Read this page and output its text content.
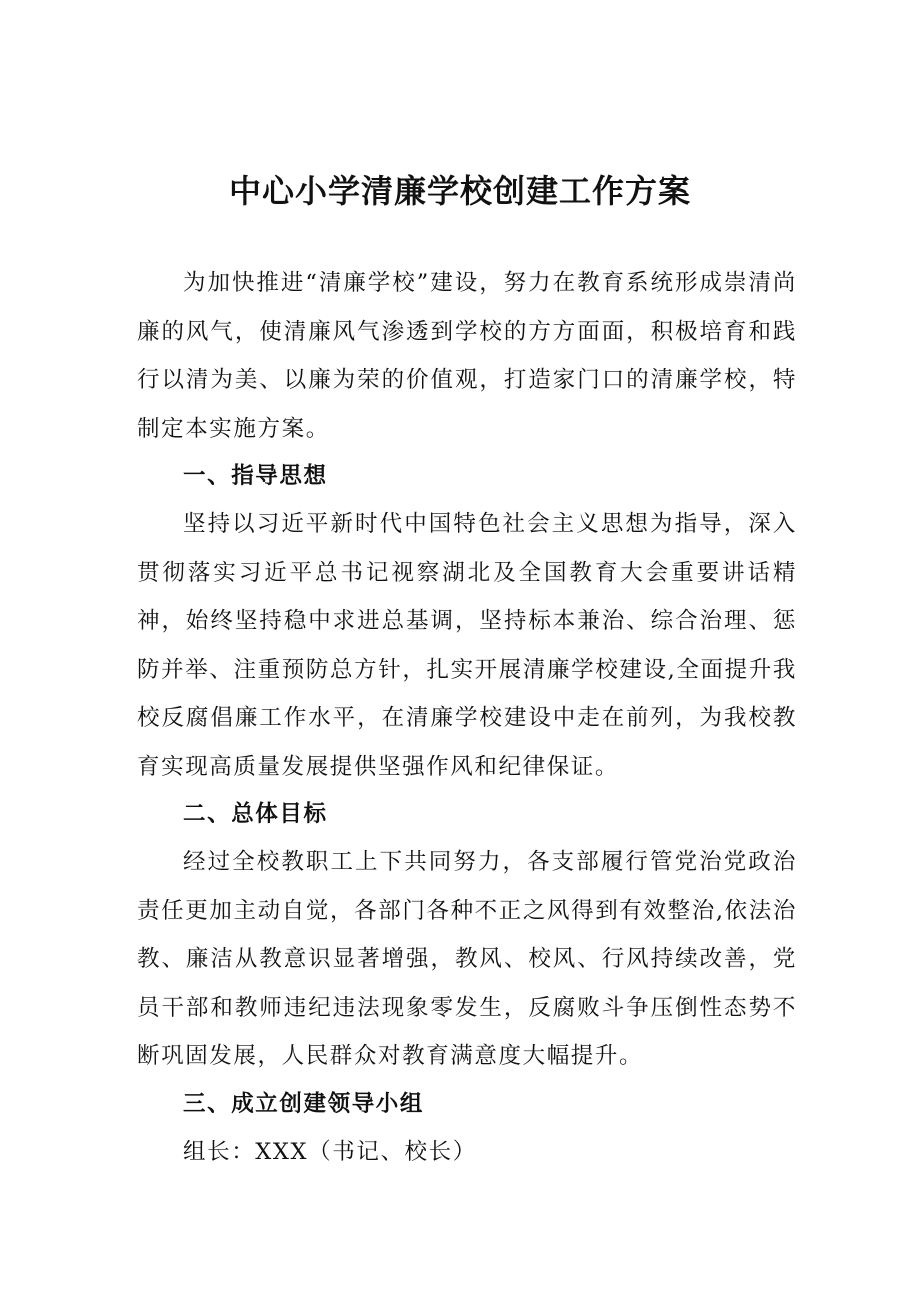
中心小学清廉学校创建工作方案

为加快推进“清廉学校”建设，努力在教育系统形成崇清尚廉的风气，使清廉风气渗透到学校的方方面面，积极培育和践行以清为美、以廉为荣的价值观，打造家门口的清廉学校，特制定本实施方案。

一、指导思想

坚持以习近平新时代中国特色社会主义思想为指导，深入贯彻落实习近平总书记视察湖北及全国教育大会重要讲话精神，始终坚持稳中求进总基调，坚持标本兼治、综合治理、惩防并举、注重预防总方针，扎实开展清廉学校建设,全面提升我校反腐倡廉工作水平，在清廉学校建设中走在前列，为我校教育实现高质量发展提供坚强作风和纪律保证。

二、总体目标

经过全校教职工上下共同努力，各支部履行管党治党政治责任更加主动自觉，各部门各种不正之风得到有效整治,依法治教、廉洁从教意识显著增强，教风、校风、行风持续改善，党员干部和教师违纪违法现象零发生，反腐败斗争压倒性态势不断巩固发展，人民群众对教育满意度大幅提升。

三、成立创建领导小组

组长：XXX（书记、校长）
